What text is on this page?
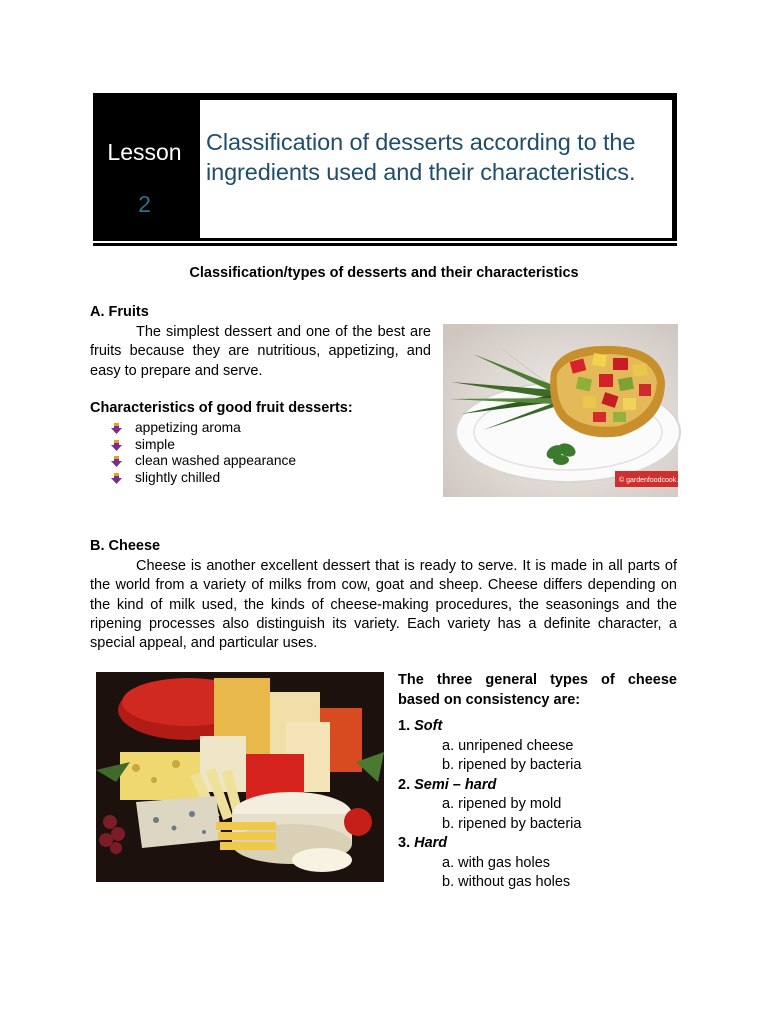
Lesson
2
Classification of desserts according to the ingredients used and their characteristics.
Classification/types of desserts and their characteristics
A. Fruits
The simplest dessert and one of the best are fruits because they are nutritious, appetizing, and easy to prepare and serve.
Characteristics of good fruit desserts:
appetizing aroma
simple
clean washed appearance
slightly chilled	© gardenfoodcook.com
B. Cheese
Cheese is another excellent dessert that is ready to serve. It is made in all parts of the world from a variety of milks from cow, goat and sheep. Cheese differs depending on the kind of milk used, the kinds of cheese-making procedures, the seasonings and the ripening processes also distinguish its variety. Each variety has a definite character, a special appeal, and particular uses.
The three general types of cheese based on consistency are:
1. Soft
a. unripened cheese
b. ripened by bacteria
2. Semi – hard
a. ripened by mold
b. ripened by bacteria
3. Hard
a. with gas holes
b. without gas holes
